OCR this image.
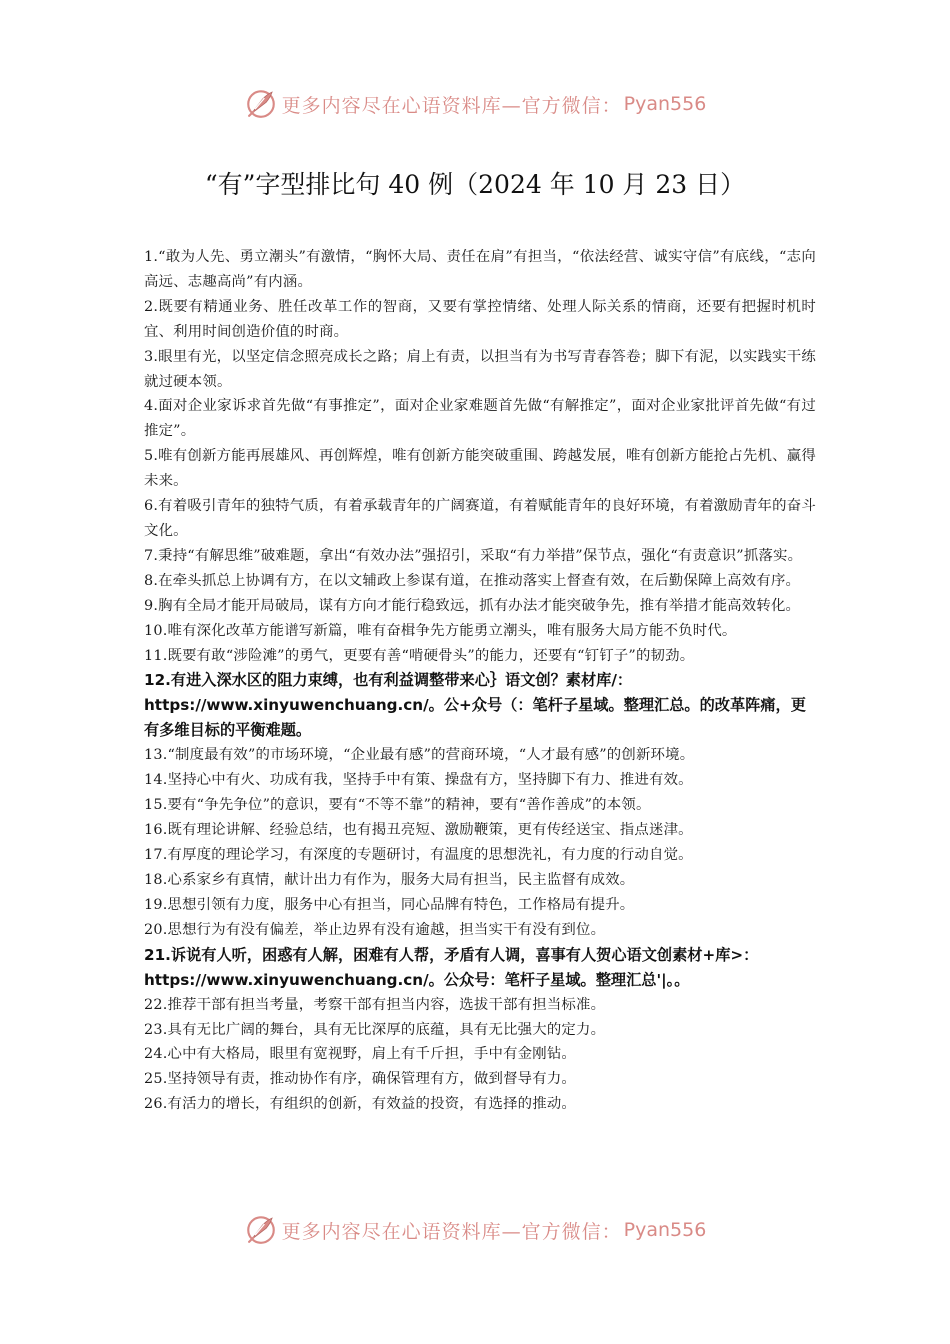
更多内容尽在心语资料库—官方微信： Pyan556
“有”字型排比句 40 例（2024 年 10 月 23 日）

1.“敢为人先、勇立潮头”有激情，“胸怀大局、责任在肩”有担当，“依法经营、诚实守信”有底线，“志向高远、志趣高尚”有内涵。

2.既要有精通业务、胜任改革工作的智商，又要有掌控情绪、处理人际关系的情商，还要有把握时机时宜、利用时间创造价值的时商。

3.眼里有光，以坚定信念照亮成长之路；肩上有责，以担当有为书写青春答卷；脚下有泥，以实践实干练就过硬本领。

4.面对企业家诉求首先做“有事推定”，面对企业家难题首先做“有解推定”，面对企业家批评首先做“有过推定”。

5.唯有创新方能再展雄风、再创辉煌，唯有创新方能突破重围、跨越发展，唯有创新方能抢占先机、赢得未来。

6.有着吸引青年的独特气质，有着承载青年的广阔赛道，有着赋能青年的良好环境，有着激励青年的奋斗文化。

7.秉持“有解思维”破难题，拿出“有效办法”强招引，采取“有力举措”保节点，强化“有责意识”抓落实。

8.在牵头抓总上协调有方，在以文辅政上参谋有道，在推动落实上督查有效，在后勤保障上高效有序。

9.胸有全局才能开局破局，谋有方向才能行稳致远，抓有办法才能突破争先，推有举措才能高效转化。

10.唯有深化改革方能谱写新篇，唯有奋楫争先方能勇立潮头，唯有服务大局方能不负时代。

11.既要有敢“涉险滩”的勇气，更要有善“啃硬骨头”的能力，还要有“钉钉子”的韧劲。

12.有进入深水区的阻力束缚，也有利益调整带来心｝语文创？素材库/：https://www.xinyuwenchuang.cn/。公+众号（：笔杆子星域。整理汇总。的改革阵痛，更有多维目标的平衡难题。

13.“制度最有效”的市场环境，“企业最有感”的营商环境，“人才最有感”的创新环境。

14.坚持心中有火、功成有我，坚持手中有策、操盘有方，坚持脚下有力、推进有效。

15.要有“争先争位”的意识，要有“不等不靠”的精神，要有“善作善成”的本领。

16.既有理论讲解、经验总结，也有揭丑亮短、激励鞭策，更有传经送宝、指点迷津。

17.有厚度的理论学习，有深度的专题研讨，有温度的思想洗礼，有力度的行动自觉。

18.心系家乡有真情，献计出力有作为，服务大局有担当，民主监督有成效。

19.思想引领有力度，服务中心有担当，同心品牌有特色，工作格局有提升。

20.思想行为有没有偏差，举止边界有没有逾越，担当实干有没有到位。

21.诉说有人听，困惑有人解，困难有人帮，矛盾有人调，喜事有人贺心语文创素材+库>：https://www.xinyuwenchuang.cn/。公众号：笔杆子星域。整理汇总'|。。

22.推荐干部有担当考量，考察干部有担当内容，选拔干部有担当标准。

23.具有无比广阔的舞台，具有无比深厚的底蕴，具有无比强大的定力。

24.心中有大格局，眼里有宽视野，肩上有千斤担，手中有金刚钻。

25.坚持领导有责，推动协作有序，确保管理有方，做到督导有力。

26.有活力的增长，有组织的创新，有效益的投资，有选择的推动。

更多内容尽在心语资料库—官方微信： Pyan556
